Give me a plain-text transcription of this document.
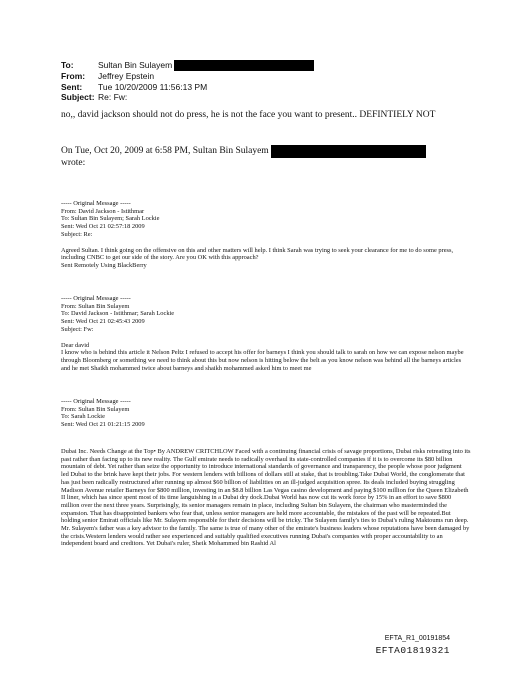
To:	Sultan Bin Sulayem
From:	Jeffrey Epstein
Sent:	Tue 10/20/2009 11:56:13 PM
Subject: Re: Fw:
no,, david jackson should not do press, he is not the face you want to present.. DEFINTIELY NOT
On Tue, Oct 20, 2009 at 6:58 PM, Sultan Bin Sulayem
wrote:

----- Original Message -----

From: David Jackson - Istithmar

To: Sultan Bin Sulayem; Sarah Lockie

Sent: Wed Oct 21 02:57:18 2009

Subject: Re:

Agreed Sultan. I think going on the offensive on this and other matters will help. I think Sarah was trying to seek your clearance for me to do some press, including CNBC to get our side of the story. Are you OK with this approach?

Sent Remotely Using BlackBerry

----- Original Message -----

From: Sultan Bin Sulayem

To: David Jackson - Istithmar; Sarah Lockie

Sent: Wed Oct 21 02:45:43 2009

Subject: Fw:

Dear david

I know who is behind this article it Nelson Peltz I refused to accept his offer for barneys I think you should talk to sarah on how we can expose nelson maybe through Bloomberg or something we need to think about this but now nelson is hitting below the belt as you know nelson was behind all the barneys articles and he met Shaikh mohammed twice about barneys and shaikh mohammed asked him to meet me

----- Original Message -----

From: Sultan Bin Sulayem

To: Sarah Lockie

Sent: Wed Oct 21 01:21:15 2009

Dubai Inc. Needs Change at the Top• By ANDREW CRITCHLOW Faced with a continuing financial crisis of savage proportions, Dubai risks retreating into its past rather than facing up to its new reality. The Gulf emirate needs to radically overhaul its state-controlled companies if it is to overcome its $80 billion mountain of debt. Yet rather than seize the opportunity to introduce international standards of governance and transparency, the people whose poor judgment led Dubai to the brink have kept their jobs. For western lenders with billions of dollars still at stake, that is troubling.Take Dubai World, the conglomerate that has just been radically restructured after running up almost $60 billion of liabilities on an ill-judged acquisition spree. Its deals included buying struggling Madison Avenue retailer Barneys for $800 million, investing in an $8.8 billion Las Vegas casino development and paying $100 million for the Queen Elizabeth II liner, which has since spent most of its time languishing in a Dubai dry dock.Dubai World has now cut its work force by 15% in an effort to save $800 million over the next three years. Surprisingly, its senior managers remain in place, including Sultan bin Sulayem, the chairman who masterminded the expansion. That has disappointed bankers who fear that, unless senior managers are held more accountable, the mistakes of the past will be repeated.But holding senior Emirati officials like Mr. Sulayem responsible for their decisions will be tricky. The Sulayem family's ties to Dubai's ruling Maktoums run deep. Mr. Sulayem's father was a key advisor to the family. The same is true of many other of the emirate's business leaders whose reputations have been damaged by the crisis.Western lenders would rather see experienced and suitably qualified executives running Dubai's companies with proper accountability to an independent board and creditors. Yet Dubai's ruler, Sheik Mohammed bin Rashid Al

EFTA_R1_00191854
EFTA01819321
